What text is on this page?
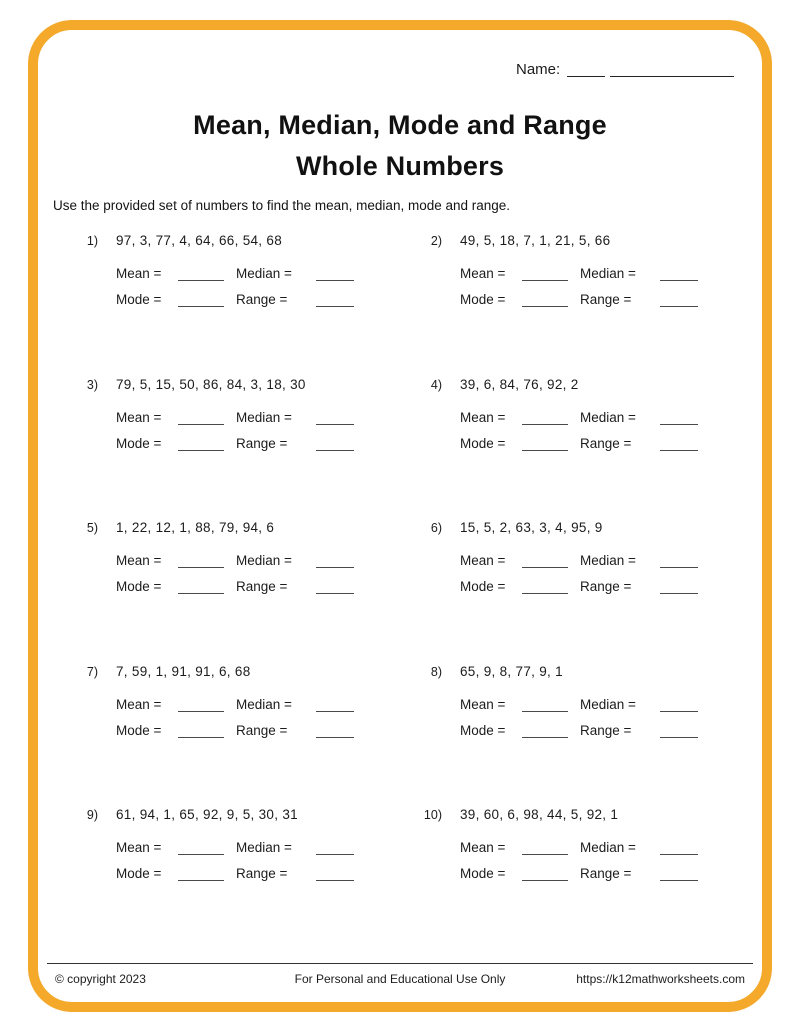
Name:
Mean, Median, Mode and Range
Whole Numbers
Use the provided set of numbers to find the mean, median, mode and range.
1) 97, 3, 77, 4, 64, 66, 54, 68
Mean =	Median =
Mode =	Range =
2) 49, 5, 18, 7, 1, 21, 5, 66
Mean =	Median =
Mode =	Range =
3) 79, 5, 15, 50, 86, 84, 3, 18, 30
Mean =	Median =
Mode =	Range =
4) 39, 6, 84, 76, 92, 2
Mean =	Median =
Mode =	Range =
5) 1, 22, 12, 1, 88, 79, 94, 6
Mean =	Median =
Mode =	Range =
6) 15, 5, 2, 63, 3, 4, 95, 9
Mean =	Median =
Mode =	Range =
7) 7, 59, 1, 91, 91, 6, 68
Mean =	Median =
Mode =	Range =
8) 65, 9, 8, 77, 9, 1
Mean =	Median =
Mode =	Range =
9) 61, 94, 1, 65, 92, 9, 5, 30, 31
Mean =	Median =
Mode =	Range =
10) 39, 60, 6, 98, 44, 5, 92, 1
Mean =	Median =
Mode =	Range =
© copyright 2023	For Personal and Educational Use Only	https://k12mathworksheets.com
